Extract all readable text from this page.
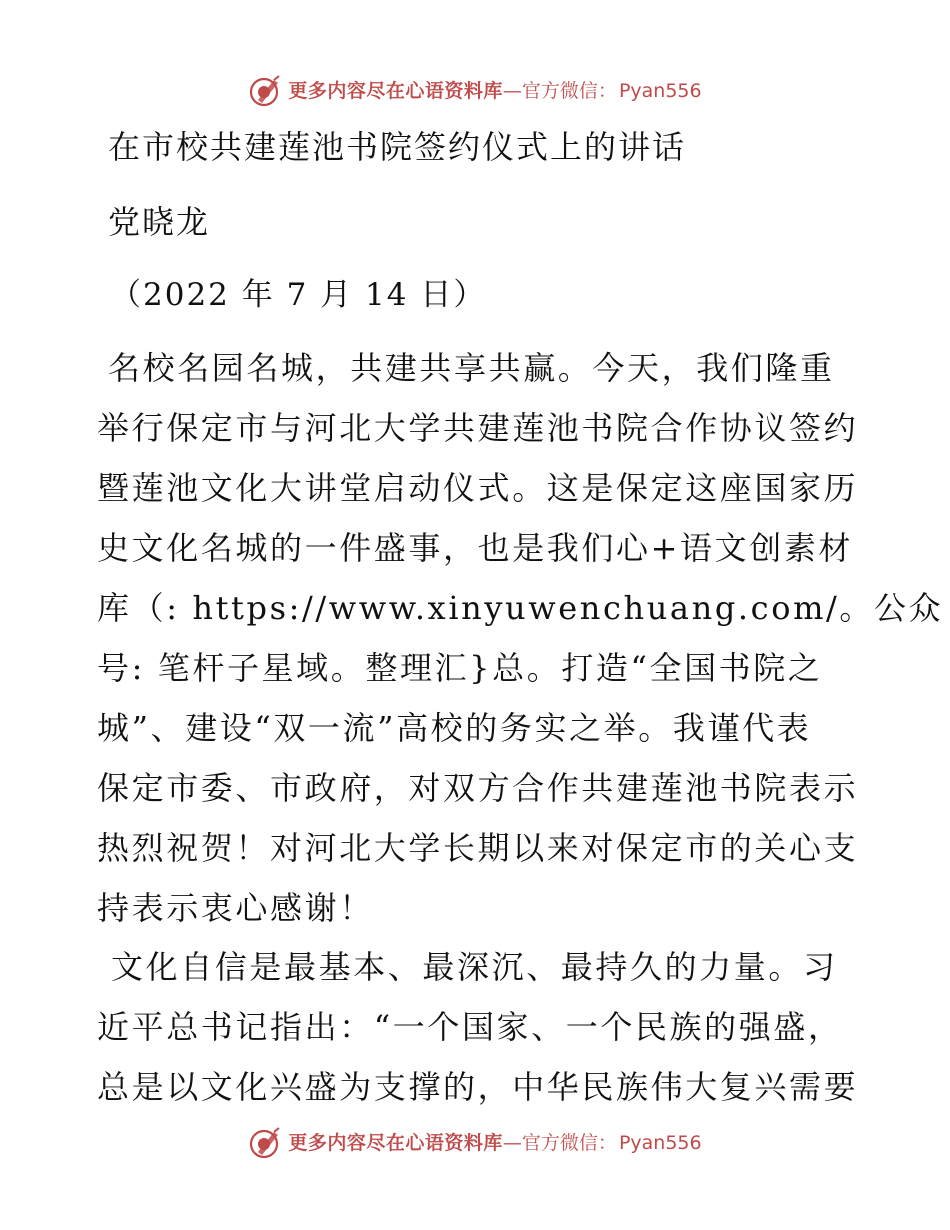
更多内容尽在心语资料库 —官方微信： Pyan556
在市校共建莲池书院签约仪式上的讲话
党晓龙
（2022 年 7 月 14 日）
名校名园名城，共建共享共赢。今天，我们隆重
举行保定市与河北大学共建莲池书院合作协议签约
暨莲池文化大讲堂启动仪式。这是保定这座国家历
史文化名城的一件盛事，也是我们心+语文创素材
库（: https://www.xinyuwenchuang.com/。公众
号: 笔杆子星域。整理汇}总。打造“全国书院之
城”、建设“双一流”高校的务实之举。我谨代表
保定市委、市政府，对双方合作共建莲池书院表示
热烈祝贺！对河北大学长期以来对保定市的关心支
持表示衷心感谢！
文化自信是最基本、最深沉、最持久的力量。习
近平总书记指出：“一个国家、一个民族的强盛，
总是以文化兴盛为支撑的，中华民族伟大复兴需要
更多内容尽在心语资料库 —官方微信： Pyan556
